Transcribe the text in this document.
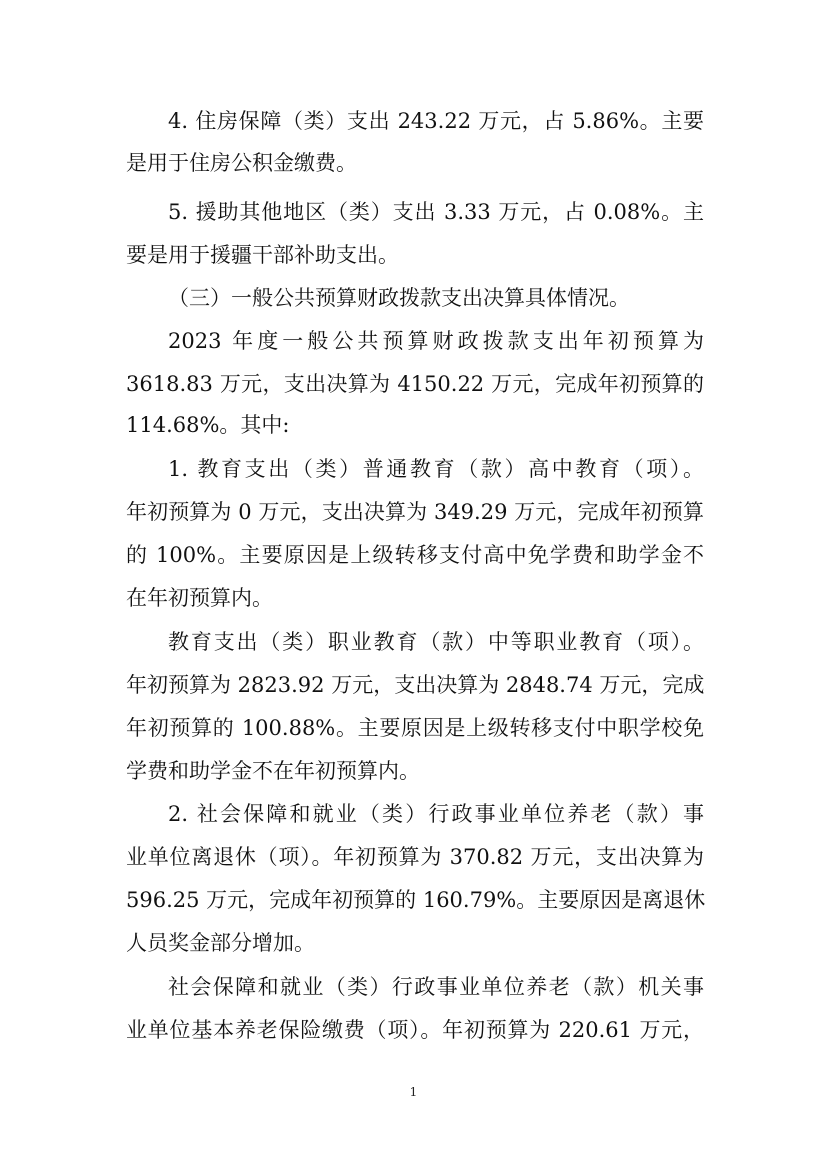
4. 住房保障（类）支出 243.22 万元，占 5.86%。主要
是用于住房公积金缴费。
5. 援助其他地区（类）支出 3.33 万元，占 0.08%。主
要是用于援疆干部补助支出。
（三）一般公共预算财政拨款支出决算具体情况。
2023 年度一般公共预算财政拨款支出年初预算为
3618.83 万元，支出决算为 4150.22 万元，完成年初预算的
114.68%。其中:
1. 教育支出（类）普通教育（款）高中教育（项）。
年初预算为 0 万元，支出决算为 349.29 万元，完成年初预算
的 100%。主要原因是上级转移支付高中免学费和助学金不
在年初预算内。
教育支出（类）职业教育（款）中等职业教育（项）。
年初预算为 2823.92 万元，支出决算为 2848.74 万元，完成
年初预算的 100.88%。主要原因是上级转移支付中职学校免
学费和助学金不在年初预算内。
2. 社会保障和就业（类）行政事业单位养老（款）事
业单位离退休（项）。年初预算为 370.82 万元，支出决算为
596.25 万元，完成年初预算的 160.79%。主要原因是离退休
人员奖金部分增加。
社会保障和就业（类）行政事业单位养老（款）机关事
业单位基本养老保险缴费（项）。年初预算为 220.61 万元，
1
